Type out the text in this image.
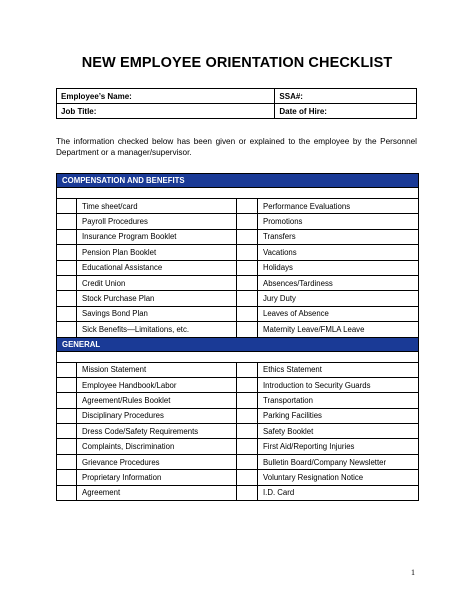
NEW EMPLOYEE ORIENTATION CHECKLIST
Employee’s Name:	SSA#:
Job Title:	Date of Hire:
The information checked below has been given or explained to the employee by the Personnel Department or a manager/supervisor.
COMPENSATION AND BENEFITS			

	Time sheet/card		Performance Evaluations
	Payroll Procedures		Promotions
	Insurance Program Booklet		Transfers
	Pension Plan Booklet		Vacations
	Educational Assistance		Holidays
	Credit Union		Absences/Tardiness
	Stock Purchase Plan		Jury Duty
	Savings Bond Plan		Leaves of Absence
	Sick Benefits—Limitations, etc.		Maternity Leave/FMLA Leave
GENERAL			

	Mission Statement		Ethics Statement
	Employee Handbook/Labor		Introduction to Security Guards
	Agreement/Rules Booklet		Transportation
	Disciplinary Procedures		Parking Facilities
	Dress Code/Safety Requirements		Safety Booklet
	Complaints, Discrimination		First Aid/Reporting Injuries
	Grievance Procedures		Bulletin Board/Company Newsletter
	Proprietary Information		Voluntary Resignation Notice
	Agreement		I.D. Card
1
